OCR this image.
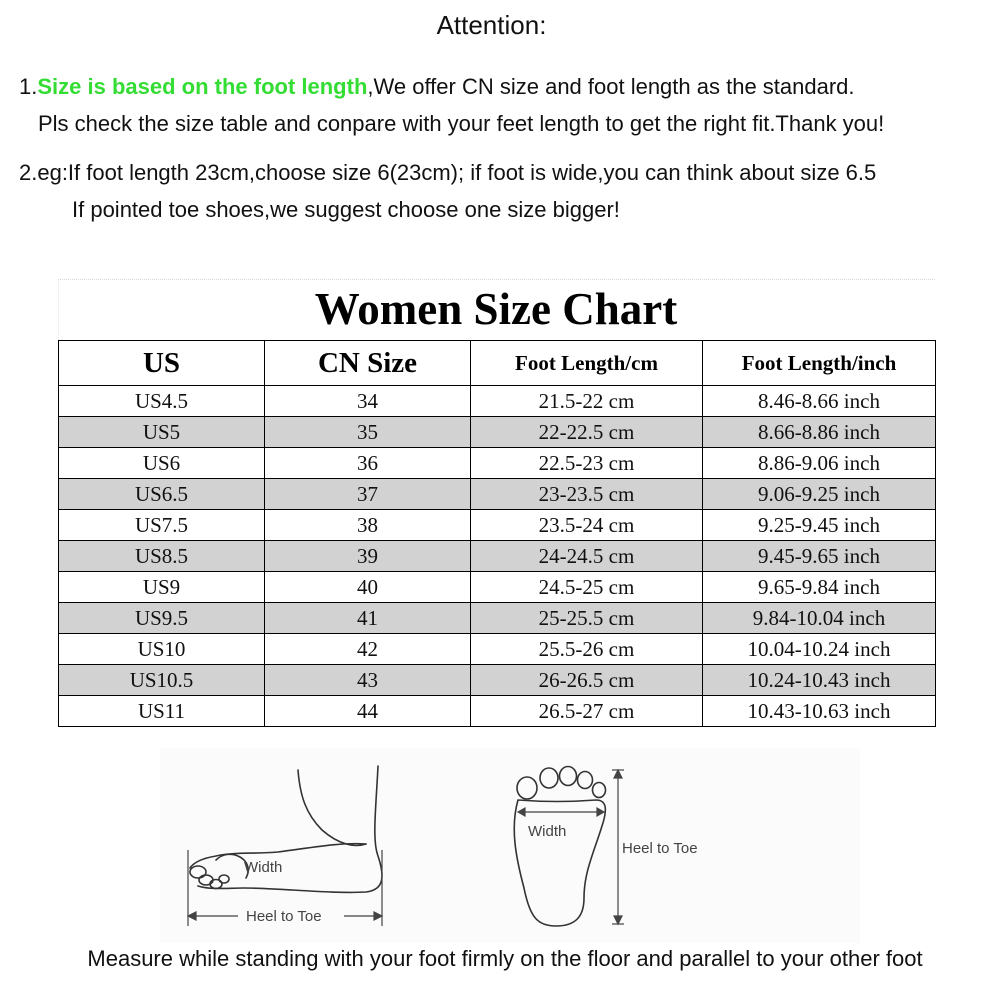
Attention:
1.Size is based on the foot length,We offer CN size and foot length as the standard.
Pls check the size table and conpare with your feet length to get the right fit.Thank you!
2.eg:If foot length 23cm,choose size 6(23cm); if foot is wide,you can think about size 6.5
If pointed toe shoes,we suggest choose one size bigger!
Women Size Chart
US	CN Size	Foot Length/cm	Foot Length/inch
US4.5	34	21.5-22 cm	8.46-8.66 inch
US5	35	22-22.5 cm	8.66-8.86 inch
US6	36	22.5-23 cm	8.86-9.06 inch
US6.5	37	23-23.5 cm	9.06-9.25 inch
US7.5	38	23.5-24 cm	9.25-9.45 inch
US8.5	39	24-24.5 cm	9.45-9.65 inch
US9	40	24.5-25 cm	9.65-9.84 inch
US9.5	41	25-25.5 cm	9.84-10.04 inch
US10	42	25.5-26 cm	10.04-10.24 inch
US10.5	43	26-26.5 cm	10.24-10.43 inch
US11	44	26.5-27 cm	10.43-10.63 inch
Width
Heel to Toe
Width
Heel to Toe
Measure while standing with your foot firmly on the floor and parallel to your other foot
